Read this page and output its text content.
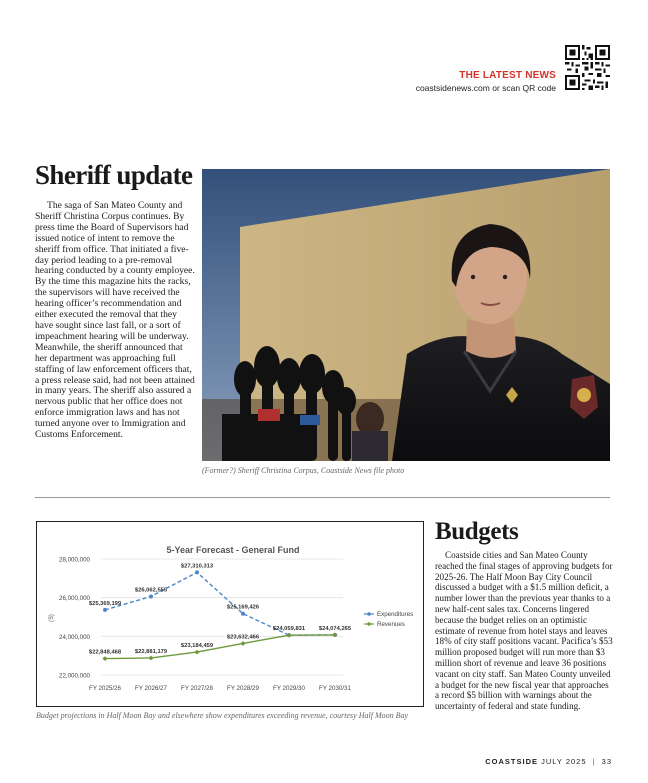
THE LATEST NEWS
coastsidenews.com or scan QR code
Sheriff update

The saga of San Mateo County and Sheriff Christina Corpus continues. By press time the Board of Supervisors had issued notice of intent to remove the sheriff from office. That initiated a five-day period leading to a pre-removal hearing conducted by a county employee. By the time this magazine hits the racks, the supervisors will have received the hearing officer’s recommendation and either executed the removal that they have sought since last fall, or a sort of impeachment hearing will be underway. Meanwhile, the sheriff announced that her department was approaching full staffing of law enforcement officers that, a press release said, had not been attained in many years. The sheriff also assured a nervous public that her office does not enforce immigration laws and has not turned anyone over to Immigration and Customs Enforcement.

(Former?) Sheriff Christina Corpus, Coastside News file photo
5-Year Forecast - General Fund
($)
22,000,000
24,000,000
26,000,000
28,000,000
FY 2025/26 FY 2026/27 FY 2027/28 FY 2028/29 FY 2029/30 FY 2030/31
$25,369,199
$26,062,555
$27,310,313
$25,169,426
$24,059,831 $24,074,265
$22,848,468 $22,881,179
$23,184,459
$23,632,466
Expenditures
Revenues
Budget projections in Half Moon Bay and elsewhere show expenditures exceeding revenue, courtesy Half Moon Bay
Budgets

Coastside cities and San Mateo County reached the final stages of approving budgets for 2025-26. The Half Moon Bay City Council discussed a budget with a $1.5 million deficit, a number lower than the previous year thanks to a new half-cent sales tax. Concerns lingered because the budget relies on an optimistic estimate of revenue from hotel stays and leaves 18% of city staff positions vacant. Pacifica’s $53 million proposed budget will run more than $3 million short of revenue and leave 36 positions vacant on city staff. San Mateo County unveiled a budget for the new fiscal year that approaches a record $5 billion with warnings about the uncertainty of federal and state funding.

COASTSIDE JULY 2025 | 33
